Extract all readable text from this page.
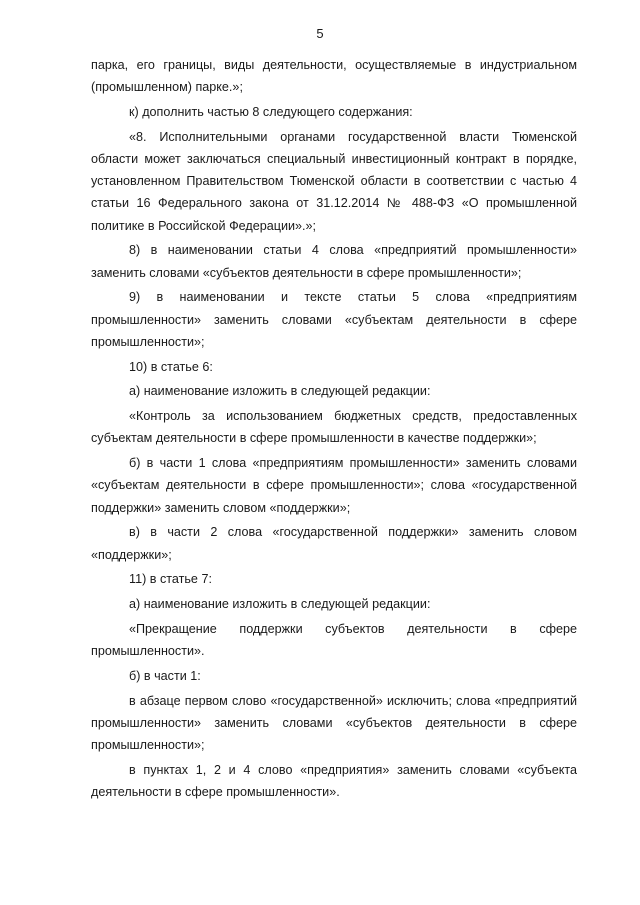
5

парка, его границы, виды деятельности, осуществляемые в индустриальном (промышленном) парке.»;

к) дополнить частью 8 следующего содержания:

«8. Исполнительными органами государственной власти Тюменской области может заключаться специальный инвестиционный контракт в порядке, установленном Правительством Тюменской области в соответствии с частью 4 статьи 16 Федерального закона от 31.12.2014 № 488-ФЗ «О промышленной политике в Российской Федерации».»;

8) в наименовании статьи 4 слова «предприятий промышленности» заменить словами «субъектов деятельности в сфере промышленности»;

9) в наименовании и тексте статьи 5 слова «предприятиям промышленности» заменить словами «субъектам деятельности в сфере промышленности»;

10) в статье 6:

а) наименование изложить в следующей редакции:

«Контроль за использованием бюджетных средств, предоставленных субъектам деятельности в сфере промышленности в качестве поддержки»;

б) в части 1 слова «предприятиям промышленности» заменить словами «субъектам деятельности в сфере промышленности»; слова «государственной поддержки» заменить словом «поддержки»;

в) в части 2 слова «государственной поддержки» заменить словом «поддержки»;

11) в статье 7:

а) наименование изложить в следующей редакции:

«Прекращение поддержки субъектов деятельности в сфере промышленности».

б) в части 1:

в абзаце первом слово «государственной» исключить; слова «предприятий промышленности» заменить словами «субъектов деятельности в сфере промышленности»;

в пунктах 1, 2 и 4 слово «предприятия» заменить словами «субъекта деятельности в сфере промышленности».
